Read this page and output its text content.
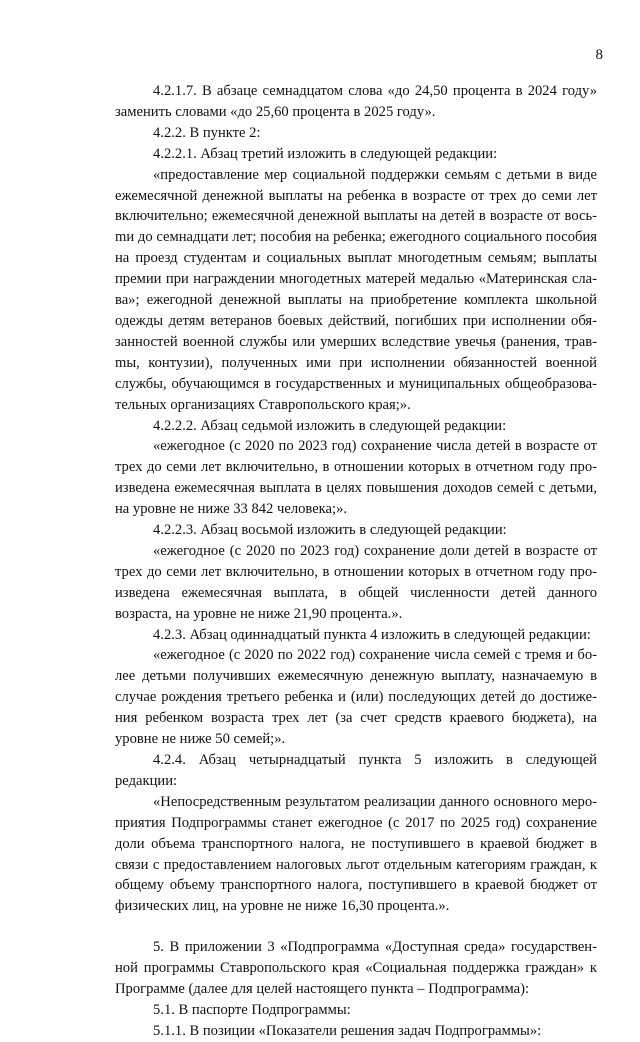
8

4.2.1.7. В абзаце семнадцатом слова «до 24,50 процента в 2024 году» заменить словами «до 25,60 процента в 2025 году».

4.2.2. В пункте 2:

4.2.2.1. Абзац третий изложить в следующей редакции:

«предоставление мер социальной поддержки семьям с детьми в виде ежемесячной денежной выплаты на ребенка в возрасте от трех до семи лет включительно; ежемесячной денежной выплаты на детей в возрасте от восьmи до семнадцати лет; пособия на ребенка; ежегодного социального пособия на проезд студентам и социальных выплат многодетным семьям; выплаты премии при награждении многодетных матерей медалью «Материнская слава»; ежегодной денежной выплаты на приобретение комплекта школьной одежды детям ветеранов боевых действий, погибших при исполнении обязанностей военной службы или умерших вследствие увечья (ранения, травmы, контузии), полученных ими при исполнении обязанностей военной службы, обучающимся в государственных и муниципальных общеобразовательных организациях Ставропольского края;».

4.2.2.2. Абзац седьмой изложить в следующей редакции:

«ежегодное (с 2020 по 2023 год) сохранение числа детей в возрасте от трех до семи лет включительно, в отношении которых в отчетном году произведена ежемесячная выплата в целях повышения доходов семей с детьми, на уровне не ниже 33 842 человека;».

4.2.2.3. Абзац восьмой изложить в следующей редакции:

«ежегодное (с 2020 по 2023 год) сохранение доли детей в возрасте от трех до семи лет включительно, в отношении которых в отчетном году произведена ежемесячная выплата, в общей численности детей данного возраста, на уровне не ниже 21,90 процента.».

4.2.3. Абзац одиннадцатый пункта 4 изложить в следующей редакции:

«ежегодное (с 2020 по 2022 год) сохранение числа семей с тремя и более детьми получивших ежемесячную денежную выплату, назначаемую в случае рождения третьего ребенка и (или) последующих детей до достижения ребенком возраста трех лет (за счет средств краевого бюджета), на уровне не ниже 50 семей;».

4.2.4. Абзац четырнадцатый пункта 5 изложить в следующей редакции:

«Непосредственным результатом реализации данного основного мероприятия Подпрограммы станет ежегодное (с 2017 по 2025 год) сохранение доли объема транспортного налога, не поступившего в краевой бюджет в связи с предоставлением налоговых льгот отдельным категориям граждан, к общему объему транспортного налога, поступившего в краевой бюджет от физических лиц, на уровне не ниже 16,30 процента.».

5. В приложении 3 «Подпрограмма «Доступная среда» государственной программы Ставропольского края «Социальная поддержка граждан» к Программе (далее для целей настоящего пункта – Подпрограмма):

5.1. В паспорте Подпрограммы:

5.1.1. В позиции «Показатели решения задач Подпрограммы»:
